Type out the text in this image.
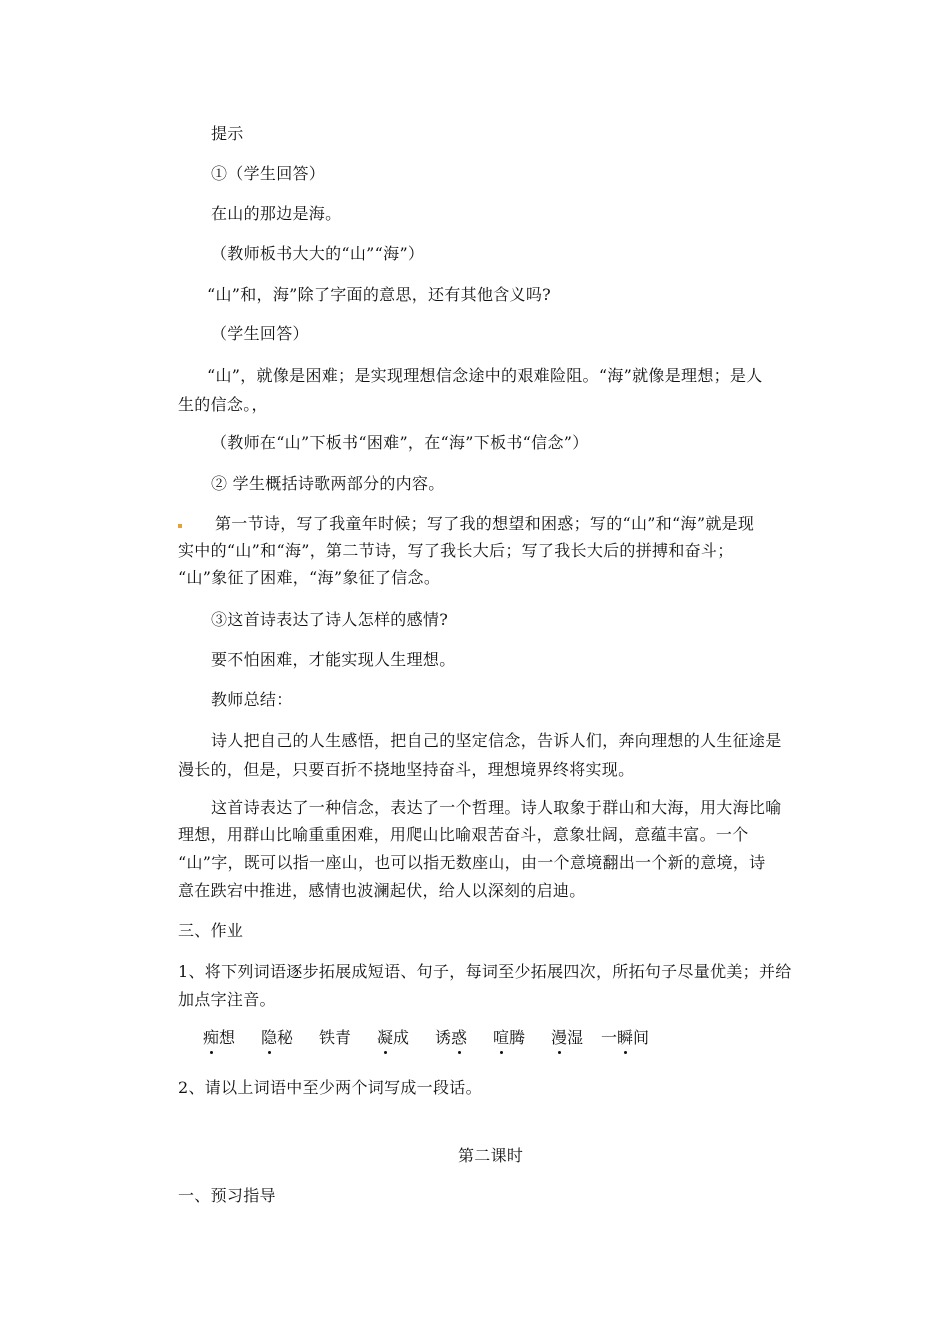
提示
①（学生回答）
在山的那边是海。
（教师板书大大的“山”“海”）
“山”和，海”除了字面的意思，还有其他含义吗?
（学生回答）
“山”，就像是困难；是实现理想信念途中的艰难险阻。“海”就像是理想；是人
生的信念。，
（教师在“山”下板书“困难”，在“海”下板书“信念”）
② 学生概括诗歌两部分的内容。
第一节诗，写了我童年时候；写了我的想望和困惑；写的“山”和“海”就是现
实中的“山”和“海”，第二节诗，写了我长大后；写了我长大后的拼搏和奋斗；
“山”象征了困难，“海”象征了信念。
③这首诗表达了诗人怎样的感情?
要不怕困难，才能实现人生理想。
教师总结：
诗人把自己的人生感悟，把自己的坚定信念，告诉人们，奔向理想的人生征途是
漫长的，但是，只要百折不挠地坚持奋斗，理想境界终将实现。
这首诗表达了一种信念，表达了一个哲理。诗人取象于群山和大海，用大海比喻
理想，用群山比喻重重困难，用爬山比喻艰苦奋斗，意象壮阔，意蕴丰富。一个
“山”字，既可以指一座山，也可以指无数座山，由一个意境翻出一个新的意境，诗
意在跌宕中推进，感情也波澜起伏，给人以深刻的启迪。
三、作业
1、将下列词语逐步拓展成短语、句子，每词至少拓展四次，所拓句子尽量优美；并给
加点字注音。
痴想	隐秘	铁青	凝成	诱惑	喧腾	漫湿	一瞬间
2、请以上词语中至少两个词写成一段话。
第二课时
一、预习指导
